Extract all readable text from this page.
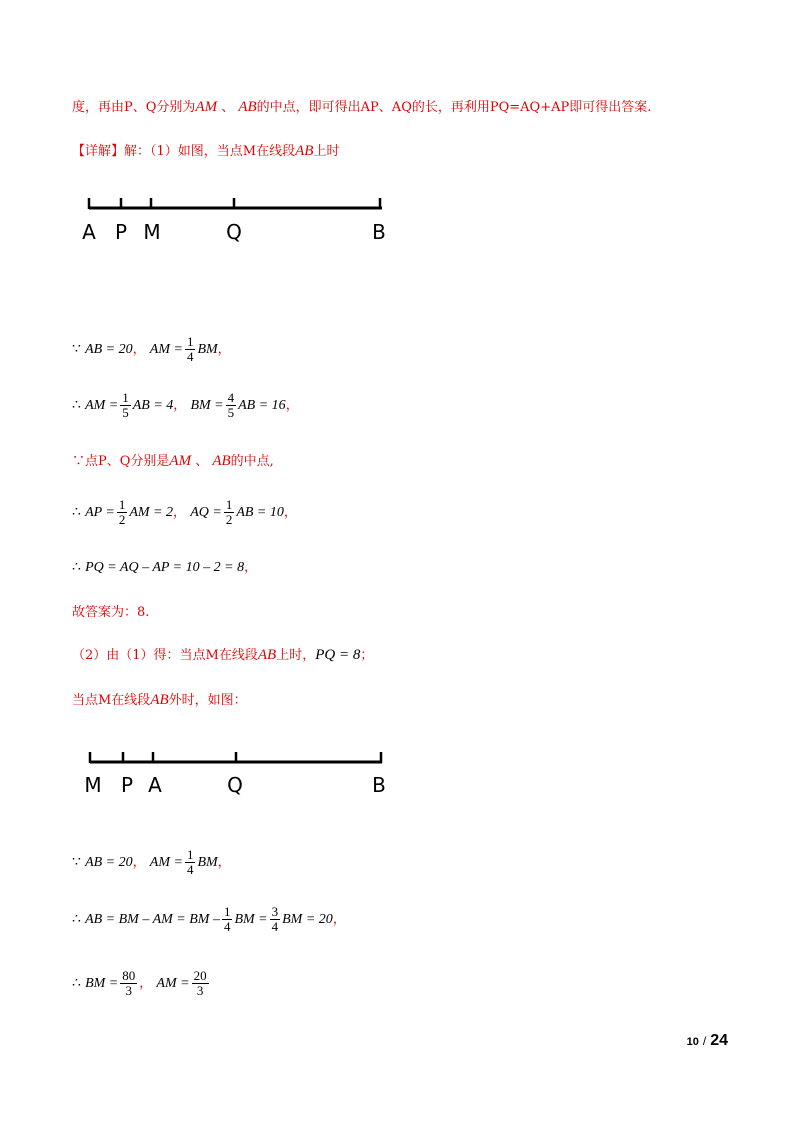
度，再由P、Q分别为AM 、 AB的中点，即可得出AP、AQ的长，再利用PQ=AQ+AP即可得出答案.
【详解】解：（1）如图，当点M在线段AB上时
A P M	Q	B
∵ AB = 20， AM = $\frac{1}{4}$ BM，
∴ AM = $\frac{1}{5}$ AB = 4， BM = $\frac{4}{5}$ AB = 16，
∵点P、Q分别是AM 、 AB的中点,
∴ AP = $\frac{1}{2}$ AM = 2， AQ = $\frac{1}{2}$ AB = 10，
∴ PQ = AQ – AP = 10 – 2 = 8，
故答案为：8.
（2）由（1）得：当点M在线段AB上时，PQ = 8；
当点M在线段AB外时，如图：
M P A	Q	B
∵ AB = 20， AM = $\frac{1}{4}$ BM，
∴ AB = BM – AM = BM – $\frac{1}{4}$ BM = $\frac{3}{4}$ BM = 20，
∴ BM = $\frac{80}{3}$ ， AM = $\frac{20}{3}$
10 / 24
